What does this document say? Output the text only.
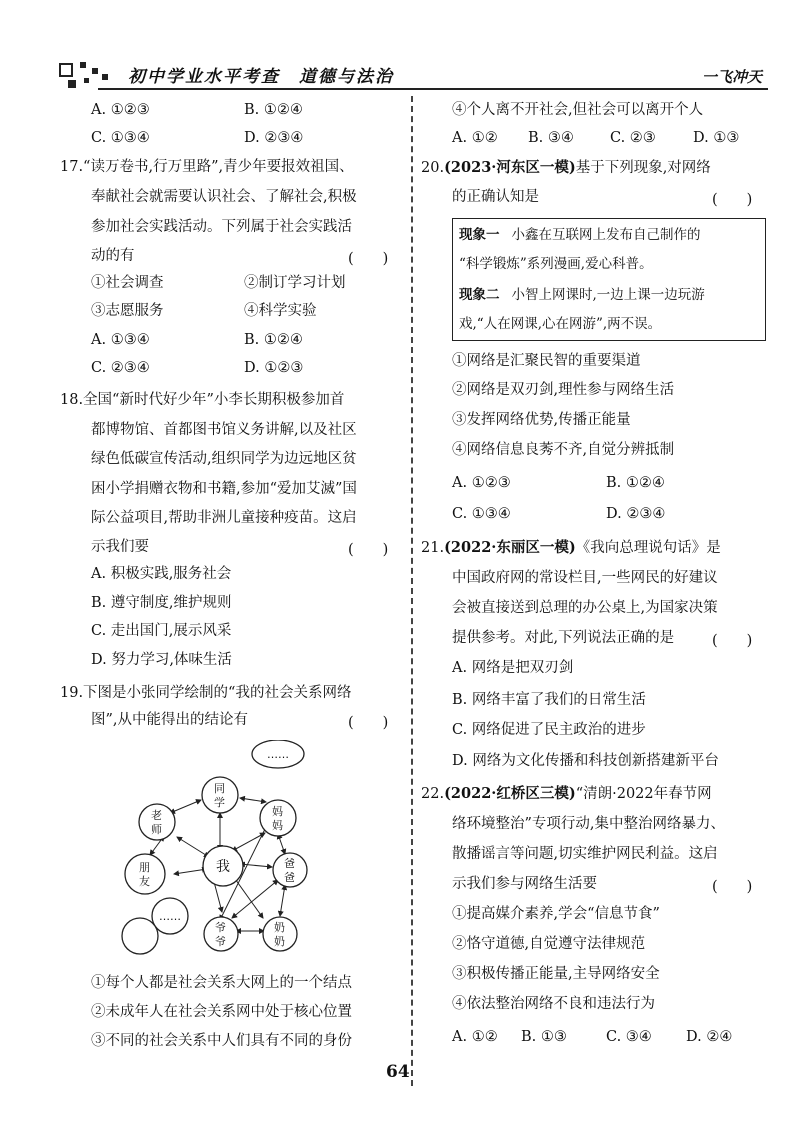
初中学业水平考查　道德与法治	一飞冲天
A. ①②③	B. ①②④
C. ①③④	D. ②③④
17.“读万卷书,行万里路”,青少年要报效祖国、
奉献社会就需要认识社会、了解社会,积极
参加社会实践活动。下列属于社会实践活
动的有	(　　)
①社会调查	②制订学习计划
③志愿服务	④科学实验
A. ①③④	B. ①②④
C. ②③④	D. ①②③
18.全国“新时代好少年”小李长期积极参加首
都博物馆、首都图书馆义务讲解,以及社区
绿色低碳宣传活动,组织同学为边远地区贫
困小学捐赠衣物和书籍,参加“爱加艾滅”国
际公益项目,帮助非洲儿童接种疫苗。这启
示我们要	(　　)
A. 积极实践,服务社会
B. 遵守制度,维护规则
C. 走出国门,展示风采
D. 努力学习,体味生活
19.下图是小张同学绘制的“我的社会关系网络
图”,从中能得出的结论有	(　　)
……
……
我
同
学
老
师
妈
妈
朋
友
爸
爸
爷
爷
奶
奶
①每个人都是社会关系大网上的一个结点
②未成年人在社会关系网中处于核心位置
③不同的社会关系中人们具有不同的身份
④个人离不开社会,但社会可以离开个人
A. ①② B. ③④ C. ②③	D. ①③
20.(2023·河东区一模)基于下列现象,对网络
的正确认知是	(　　)
现象一 小鑫在互联网上发布自己制作的
“科学锻炼”系列漫画,爱心科普。
现象二 小智上网课时,一边上课一边玩游
戏,“人在网课,心在网游”,两不误。
①网络是汇聚民智的重要渠道
②网络是双刃剑,理性参与网络生活
③发挥网络优势,传播正能量
④网络信息良莠不齐,自觉分辨抵制
A. ①②③	B. ①②④
C. ①③④	D. ②③④
21.(2022·东丽区一模)《我向总理说句话》是
中国政府网的常设栏目,一些网民的好建议
会被直接送到总理的办公桌上,为国家决策
提供参考。对此,下列说法正确的是	(　　)
A. 网络是把双刃剑
B. 网络丰富了我们的日常生活
C. 网络促进了民主政治的进步
D. 网络为文化传播和科技创新搭建新平台
22.(2022·红桥区三模)“清朗·2022年春节网
络环境整治”专项行动,集中整治网络暴力、
散播谣言等问题,切实维护网民利益。这启
示我们参与网络生活要	(　　)
①提高媒介素养,学会“信息节食”
②恪守道德,自觉遵守法律规范
③积极传播正能量,主导网络安全
④依法整治网络不良和违法行为
A. ①② B. ①③	C. ③④ D. ②④
64
